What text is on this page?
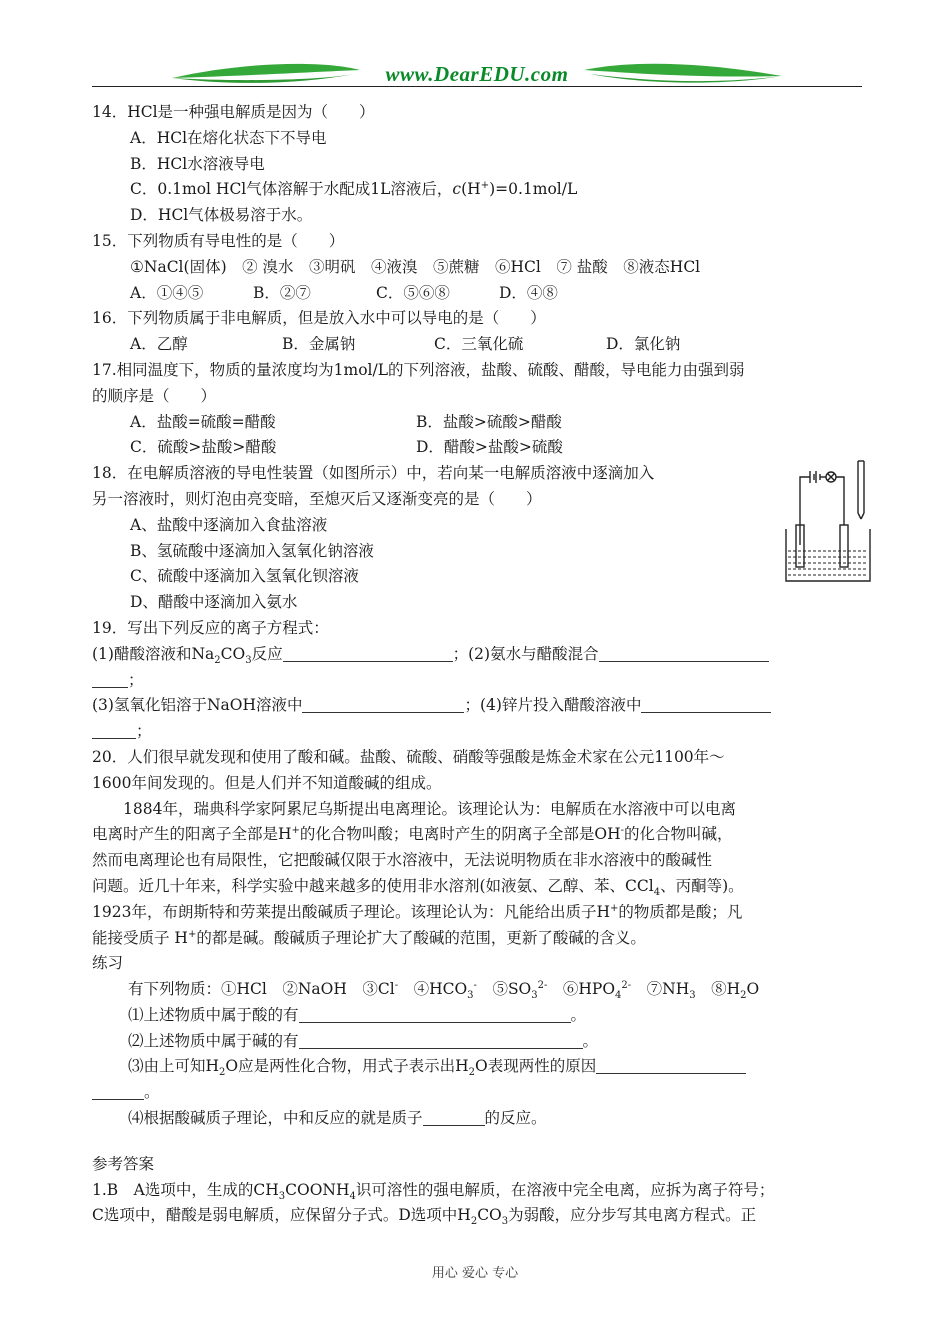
www.DearEDU.com
14．HCl是一种强电解质是因为（　　）
A．HCl在熔化状态下不导电
B．HCl水溶液导电
C．0.1mol HCl气体溶解于水配成1L溶液后，c(H+)=0.1mol/L
D．HCl气体极易溶于水。
15．下列物质有导电性的是（　　）
①NaCl(固体)　② 溴水　③明矾　④液溴　⑤蔗糖　⑥HCl　⑦ 盐酸　⑧液态HCl
A．①④⑤	B．②⑦	C．⑤⑥⑧	D．④⑧
16．下列物质属于非电解质，但是放入水中可以导电的是（　　）
A．乙醇	B．金属钠	C．三氧化硫	D．氯化钠
17.相同温度下，物质的量浓度均为1mol/L的下列溶液，盐酸、硫酸、醋酸，导电能力由强到弱
的顺序是（　　）
A．盐酸=硫酸=醋酸	B．盐酸>硫酸>醋酸
C．硫酸>盐酸>醋酸	D．醋酸>盐酸>硫酸
18．在电解质溶液的导电性装置（如图所示）中，若向某一电解质溶液中逐滴加入
另一溶液时，则灯泡由亮变暗，至熄灭后又逐渐变亮的是（　　）
A、盐酸中逐滴加入食盐溶液
B、氢硫酸中逐滴加入氢氧化钠溶液
C、硫酸中逐滴加入氢氧化钡溶液
D、醋酸中逐滴加入氨水
19．写出下列反应的离子方程式：
(1)醋酸溶液和$Na_2CO_3$反应	；(2)氨水与醋酸混合
；
(3)氢氧化铝溶于NaOH溶液中	；(4)锌片投入醋酸溶液中
；
20．人们很早就发现和使用了酸和碱。盐酸、硫酸、硝酸等强酸是炼金术家在公元1100年～
1600年间发现的。但是人们并不知道酸碱的组成。
　　1884年，瑞典科学家阿累尼乌斯提出电离理论。该理论认为：电解质在水溶液中可以电离
电离时产生的阳离子全部是H+的化合物叫酸；电离时产生的阴离子全部是OH-的化合物叫碱，
然而电离理论也有局限性，它把酸碱仅限于水溶液中，无法说明物质在非水溶液中的酸碱性
问题。近几十年来，科学实验中越来越多的使用非水溶剂(如液氨、乙醇、苯、CCl$_4$、丙酮等)。
1923年，布朗斯特和劳莱提出酸碱质子理论。该理论认为：凡能给出质子H+的物质都是酸；凡
能接受质子 H+的都是碱。酸碱质子理论扩大了酸碱的范围，更新了酸碱的含义。
练习
有下列物质：①HCl　②NaOH　③Cl-　$④HCO_3^-$　$⑤SO_3^{2-}$　$⑥HPO_4^{2-}$　$⑦NH_3$　$⑧H_2O$
⑴上述物质中属于酸的有	。
⑵上述物质中属于碱的有	。
⑶由上可知$H_2O$应是两性化合物，用式子表示出$H_2O$表现两性的原因
。
⑷根据酸碱质子理论，中和反应的就是质子	的反应。
参考答案
1.B　A选项中，生成的$CH_3COONH_4$识可溶性的强电解质，在溶液中完全电离，应拆为离子符号；
C选项中，醋酸是弱电解质，应保留分子式。D选项中$H_2CO_3$为弱酸，应分步写其电离方程式。正
用心 爱心 专心
